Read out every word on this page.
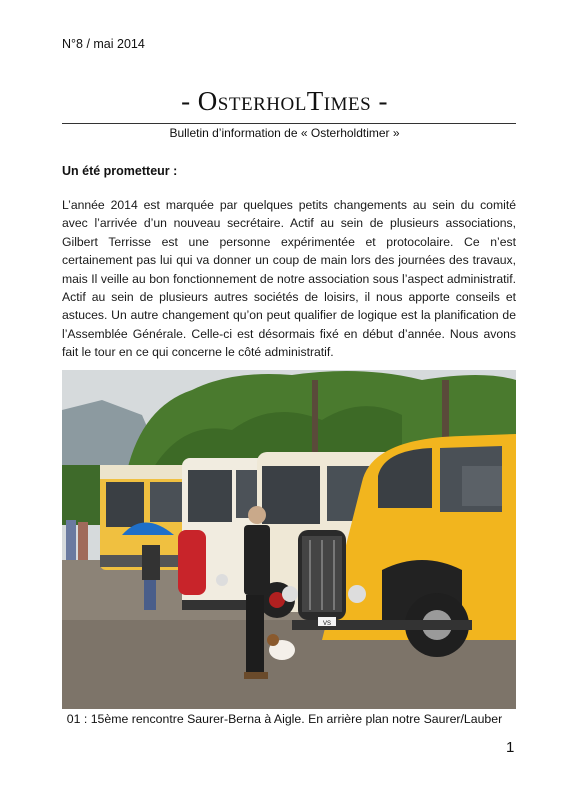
N°8 / mai 2014
- OsterholTimes -
Bulletin d’information de « Osterholdtimer »
Un été prometteur :

L’année 2014 est marquée par quelques petits changements au sein du comité avec l’arrivée d’un nouveau secrétaire. Actif au sein de plusieurs associations, Gilbert Terrisse est une personne expérimentée et protocolaire. Ce n’est certainement pas lui qui va donner un coup de main lors des journées des travaux, mais Il veille au bon fonctionnement de notre association sous l’aspect administratif. Actif au sein de plusieurs autres sociétés de loisirs, il nous apporte conseils et astuces. Un autre changement qu’on peut qualifier de logique est la planification de l’Assemblée Générale. Celle-ci est désormais fixé en début d’année. Nous avons fait le tour en ce qui concerne le côté administratif.

VS
01 : 15ème rencontre Saurer-Berna à Aigle. En arrière plan notre Saurer/Lauber
1
